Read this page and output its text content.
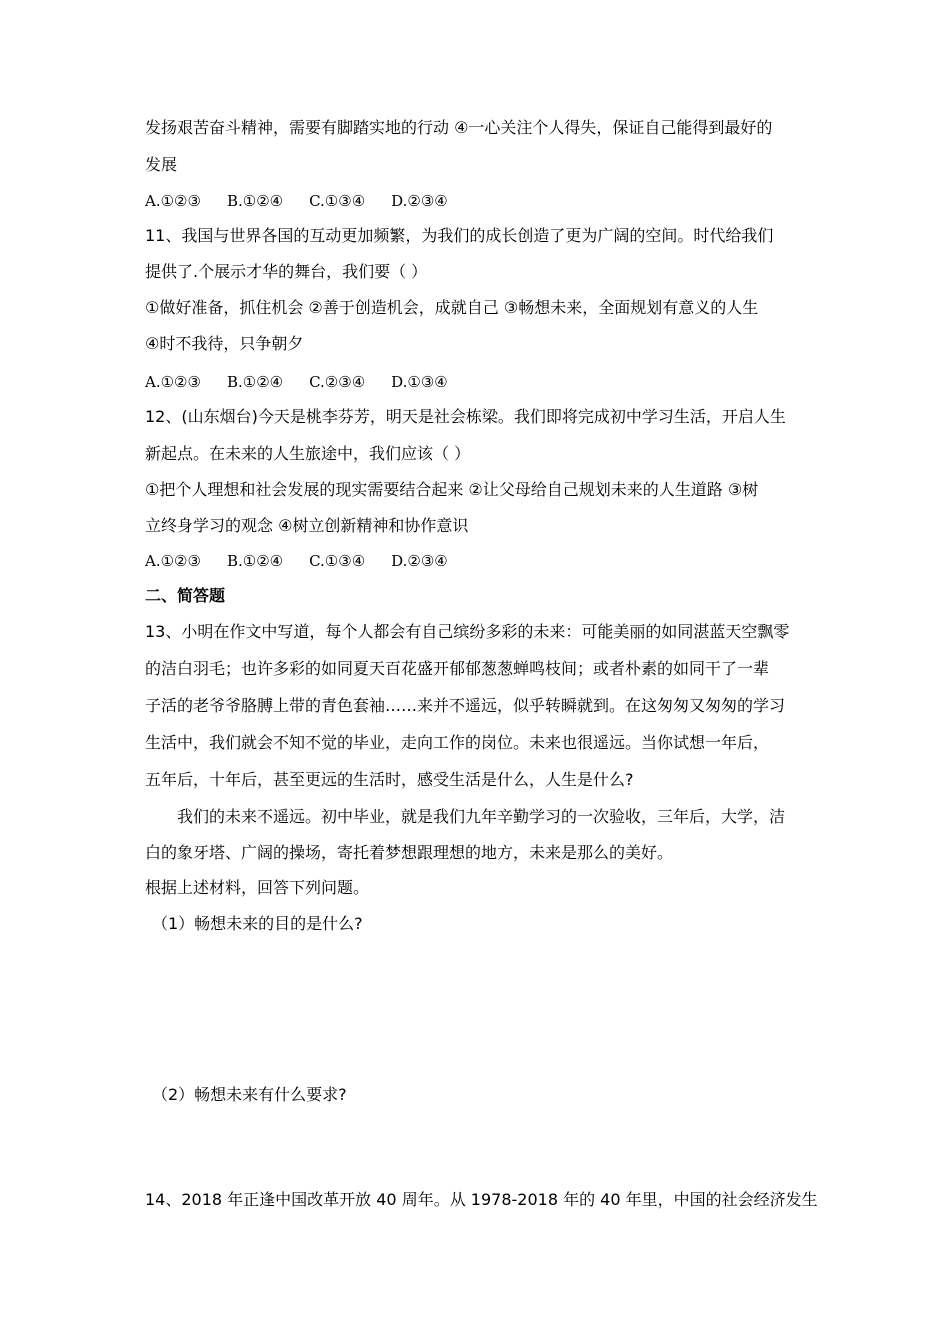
发扬艰苦奋斗精神，需要有脚踏实地的行动 ④一心关注个人得失，保证自己能得到最好的
发展
A.①②③ B.①②④ C.①③④ D.②③④
11、我国与世界各国的互动更加频繁，为我们的成长创造了更为广阔的空间。时代给我们
提供了.个展示才华的舞台，我们要（ ）
①做好准备，抓住机会 ②善于创造机会，成就自己 ③畅想未来，全面规划有意义的人生
④时不我待，只争朝夕
A.①②③ B.①②④ C.②③④ D.①③④
12、(山东烟台)今天是桃李芬芳，明天是社会栋梁。我们即将完成初中学习生活，开启人生
新起点。在未来的人生旅途中，我们应该（ ）
①把个人理想和社会发展的现实需要结合起来 ②让父母给自己规划未来的人生道路 ③树
立终身学习的观念 ④树立创新精神和协作意识
A.①②③ B.①②④ C.①③④ D.②③④
二、简答题
13、小明在作文中写道，每个人都会有自己缤纷多彩的未来：可能美丽的如同湛蓝天空飘零
的洁白羽毛；也许多彩的如同夏天百花盛开郁郁葱葱蝉鸣枝间；或者朴素的如同干了一辈
子活的老爷爷胳膊上带的青色套袖……来并不遥远，似乎转瞬就到。在这匆匆又匆匆的学习
生活中，我们就会不知不觉的毕业，走向工作的岗位。未来也很遥远。当你试想一年后，
五年后，十年后，甚至更远的生活时，感受生活是什么，人生是什么?
我们的未来不遥远。初中毕业，就是我们九年辛勤学习的一次验收，三年后，大学，洁
白的象牙塔、广阔的操场，寄托着梦想跟理想的地方，未来是那么的美好。
根据上述材料，回答下列问题。
（1）畅想未来的目的是什么?
（2）畅想未来有什么要求?
14、2018 年正逢中国改革开放 40 周年。从 1978-2018 年的 40 年里，中国的社会经济发生
